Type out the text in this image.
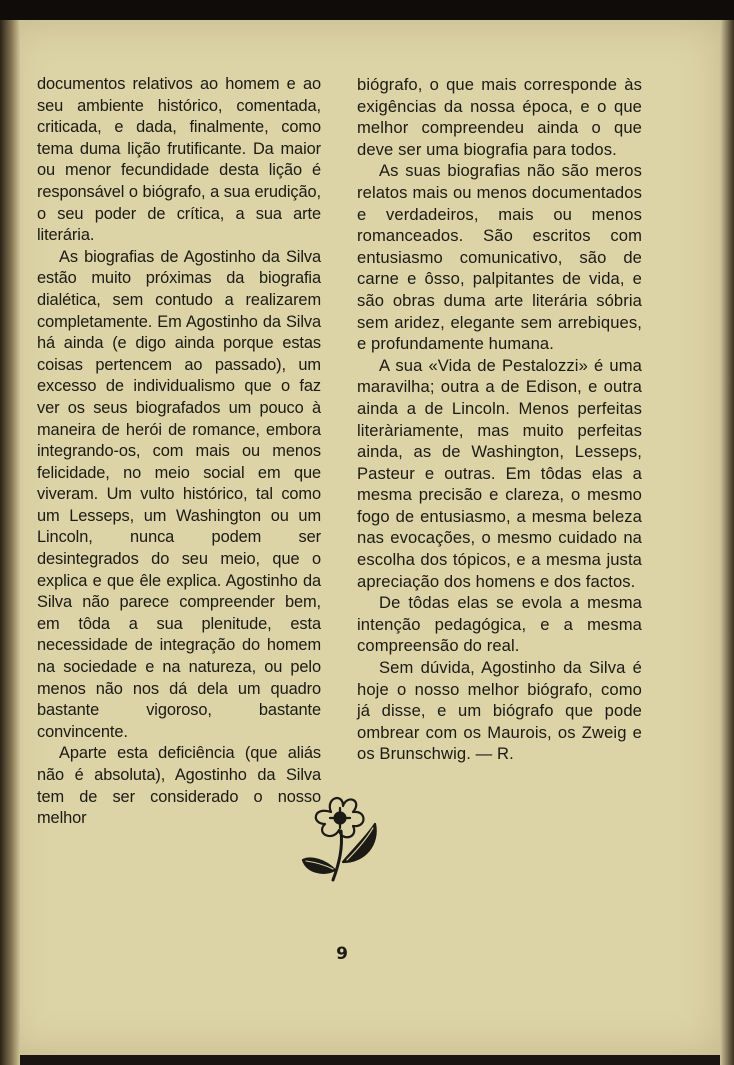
documentos relativos ao homem e ao seu ambiente histórico, comentada, criticada, e dada, finalmente, como tema duma lição frutificante. Da maior ou menor fecundidade desta lição é responsável o biógrafo, a sua erudição, o seu poder de crítica, a sua arte literária.

As biografias de Agostinho da Silva estão muito próximas da biografia dialética, sem contudo a realizarem completamente. Em Agostinho da Silva há ainda (e digo ainda porque estas coisas pertencem ao passado), um excesso de individualismo que o faz ver os seus biografados um pouco à maneira de herói de romance, embora integrando-os, com mais ou menos felicidade, no meio social em que viveram. Um vulto histórico, tal como um Lesseps, um Washington ou um Lincoln, nunca podem ser desintegrados do seu meio, que o explica e que êle explica. Agostinho da Silva não parece compreender bem, em tôda a sua plenitude, esta necessidade de integração do homem na sociedade e na natureza, ou pelo menos não nos dá dela um quadro bastante vigoroso, bastante convincente.

Aparte esta deficiência (que aliás não é absoluta), Agostinho da Silva tem de ser considerado o nosso melhor

biógrafo, o que mais corresponde às exigências da nossa época, e o que melhor compreendeu ainda o que deve ser uma biografia para todos.

As suas biografias não são meros relatos mais ou menos documentados e verdadeiros, mais ou menos romanceados. São escritos com entusiasmo comunicativo, são de carne e ôsso, palpitantes de vida, e são obras duma arte literária sóbria sem aridez, elegante sem arrebiques, e profundamente humana.

A sua «Vida de Pestalozzi» é uma maravilha; outra a de Edison, e outra ainda a de Lincoln. Menos perfeitas literàriamente, mas muito perfeitas ainda, as de Washington, Lesseps, Pasteur e outras. Em tôdas elas a mesma precisão e clareza, o mesmo fogo de entusiasmo, a mesma beleza nas evocações, o mesmo cuidado na escolha dos tópicos, e a mesma justa apreciação dos homens e dos factos.

De tôdas elas se evola a mesma intenção pedagógica, e a mesma compreensão do real.

Sem dúvida, Agostinho da Silva é hoje o nosso melhor biógrafo, como já disse, e um biógrafo que pode ombrear com os Maurois, os Zweig e os Brunschwig. — R.

9
